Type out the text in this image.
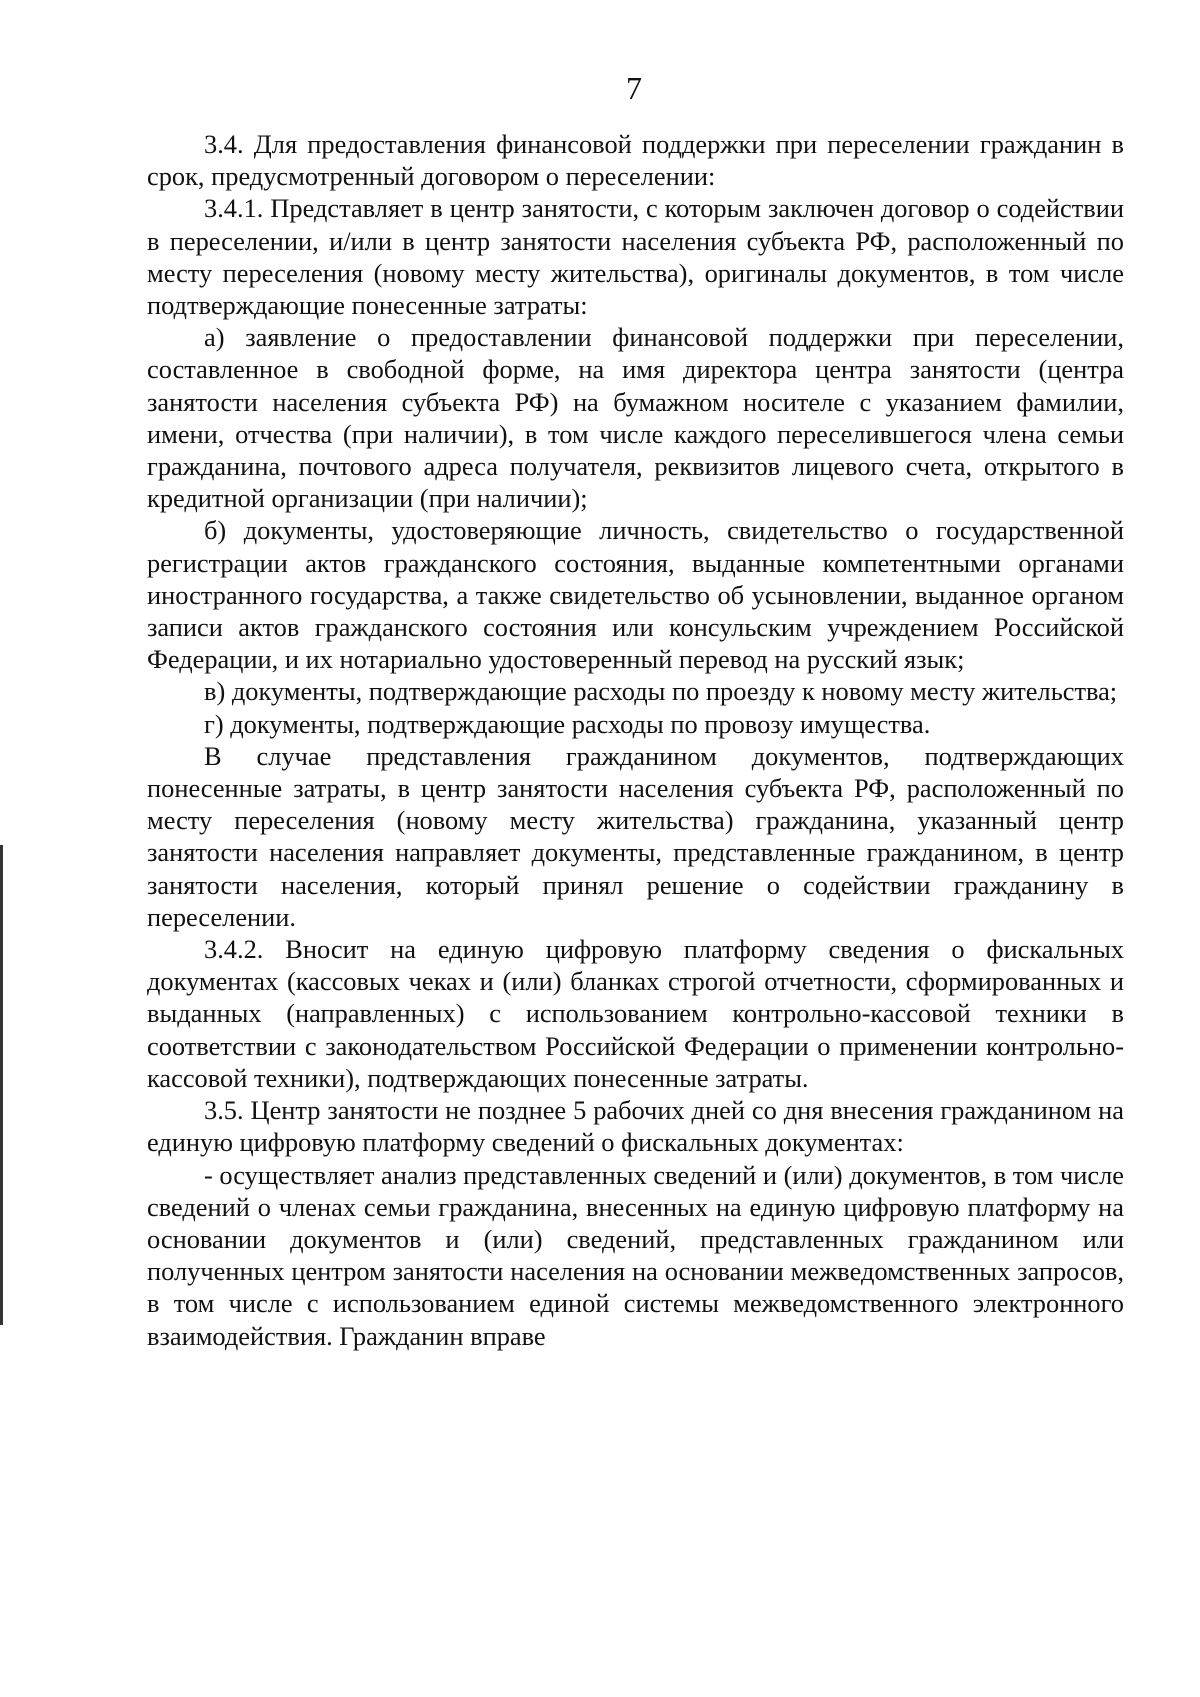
7

3.4. Для предоставления финансовой поддержки при переселении гражданин в срок, предусмотренный договором о переселении:

3.4.1. Представляет в центр занятости, с которым заключен договор о содействии в переселении, и/или в центр занятости населения субъекта РФ, расположенный по месту переселения (новому месту жительства), оригиналы документов, в том числе подтверждающие понесенные затраты:

а) заявление о предоставлении финансовой поддержки при переселении, составленное в свободной форме, на имя директора центра занятости (центра занятости населения субъекта РФ) на бумажном носителе с указанием фамилии, имени, отчества (при наличии), в том числе каждого переселившегося члена семьи гражданина, почтового адреса получателя, реквизитов лицевого счета, открытого в кредитной организации (при наличии);

б) документы, удостоверяющие личность, свидетельство о государственной регистрации актов гражданского состояния, выданные компетентными органами иностранного государства, а также свидетельство об усыновлении, выданное органом записи актов гражданского состояния или консульским учреждением Российской Федерации, и их нотариально удостоверенный перевод на русский язык;

в) документы, подтверждающие расходы по проезду к новому месту жительства;

г) документы, подтверждающие расходы по провозу имущества.

В случае представления гражданином документов, подтверждающих понесенные затраты, в центр занятости населения субъекта РФ, расположенный по месту переселения (новому месту жительства) гражданина, указанный центр занятости населения направляет документы, представленные гражданином, в центр занятости населения, который принял решение о содействии гражданину в переселении.

3.4.2. Вносит на единую цифровую платформу сведения о фискальных документах (кассовых чеках и (или) бланках строгой отчетности, сформированных и выданных (направленных) с использованием контрольно-кассовой техники в соответствии с законодательством Российской Федерации о применении контрольно-кассовой техники), подтверждающих понесенные затраты.

3.5. Центр занятости не позднее 5 рабочих дней со дня внесения гражданином на единую цифровую платформу сведений о фискальных документах:

- осуществляет анализ представленных сведений и (или) документов, в том числе сведений о членах семьи гражданина, внесенных на единую цифровую платформу на основании документов и (или) сведений, представленных гражданином или полученных центром занятости населения на основании межведомственных запросов, в том числе с использованием единой системы межведомственного электронного взаимодействия. Гражданин вправе
